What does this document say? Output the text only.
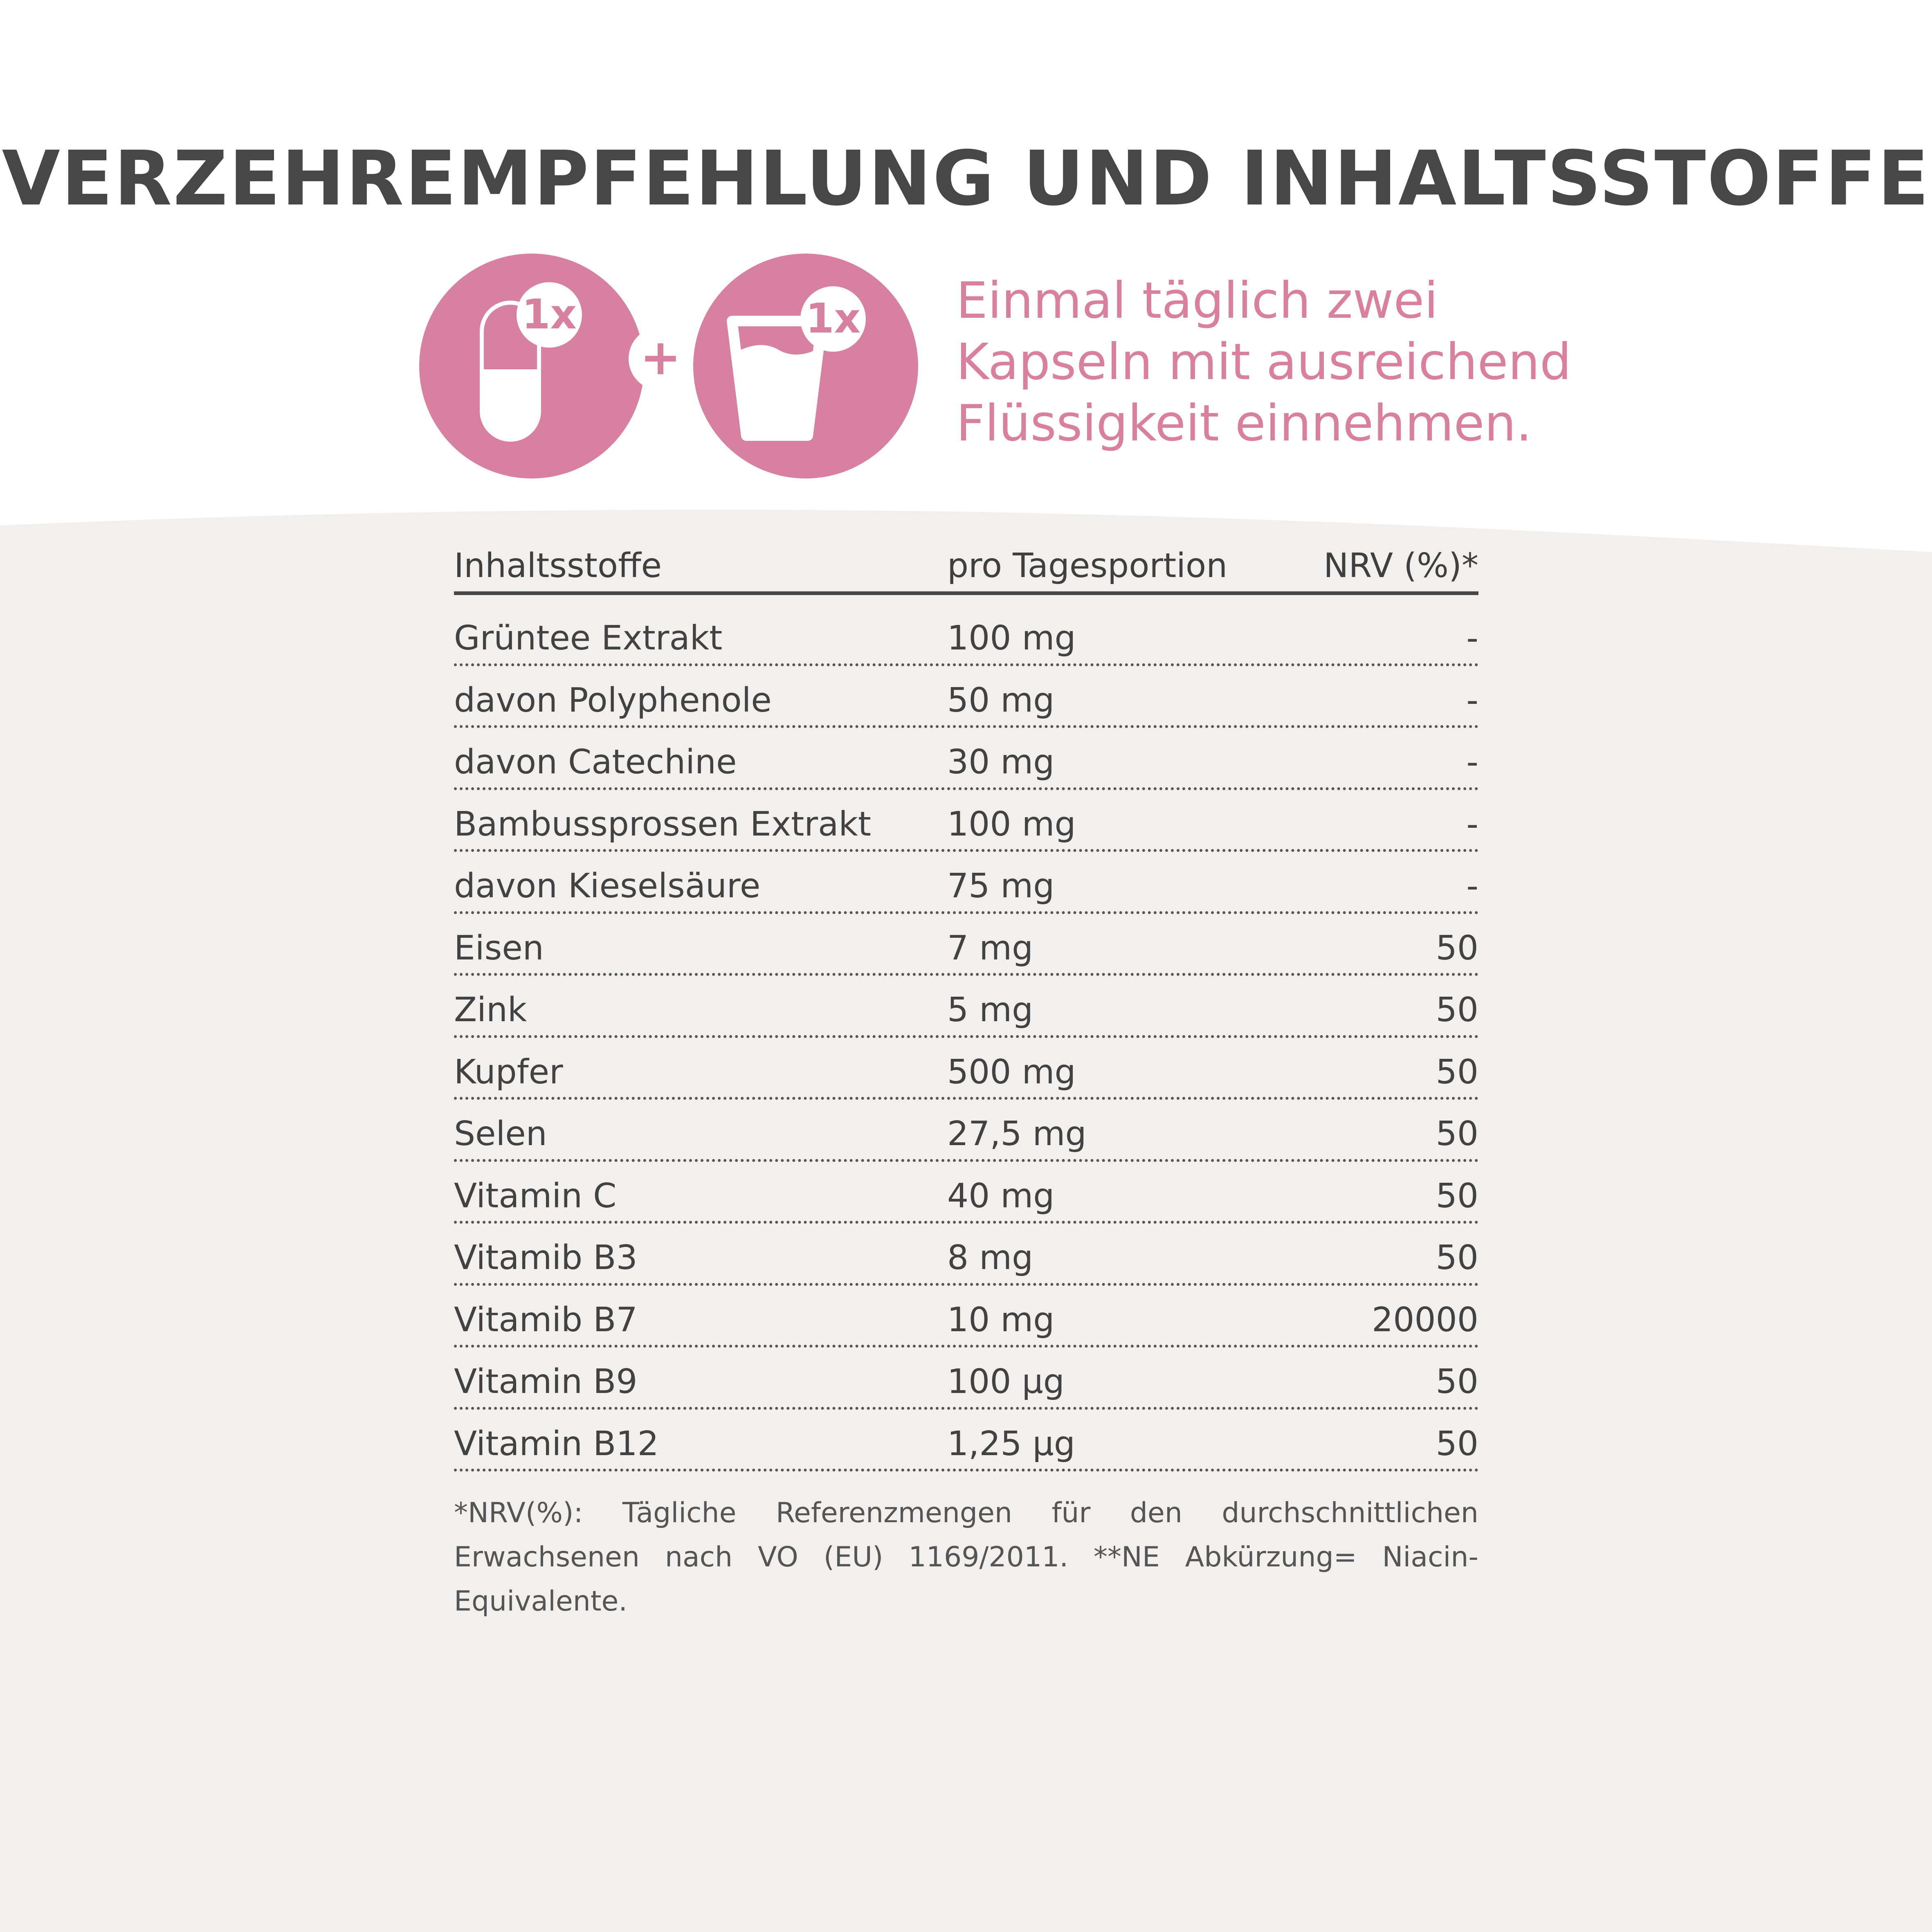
VERZEHREMPFEHLUNG UND INHALTSSTOFFE
1x	1x
+
Einmal täglich zwei
Kapseln mit ausreichend
Flüssigkeit einnehmen.
Inhaltsstoffe	pro Tagesportion	NRV (%)*
Grüntee Extrakt	100 mg	-
davon Polyphenole	50 mg	-
davon Catechine	30 mg	-
Bambussprossen Extrakt 100 mg	-
davon Kieselsäure	75 mg	-
Eisen	7 mg	50
Zink	5 mg	50
Kupfer	500 mg	50
Selen	27,5 mg	50
Vitamin C	40 mg	50
Vitamib B3	8 mg	50
Vitamib B7	10 mg	20000
Vitamin B9	100 µg	50
Vitamin B12	1,25 µg	50
*NRV(%): Tägliche Referenzmengen für den durchschnittlichen Erwachsenen nach VO (EU) 1169/2011. **NE Abkürzung= Niacin-Equivalente.
